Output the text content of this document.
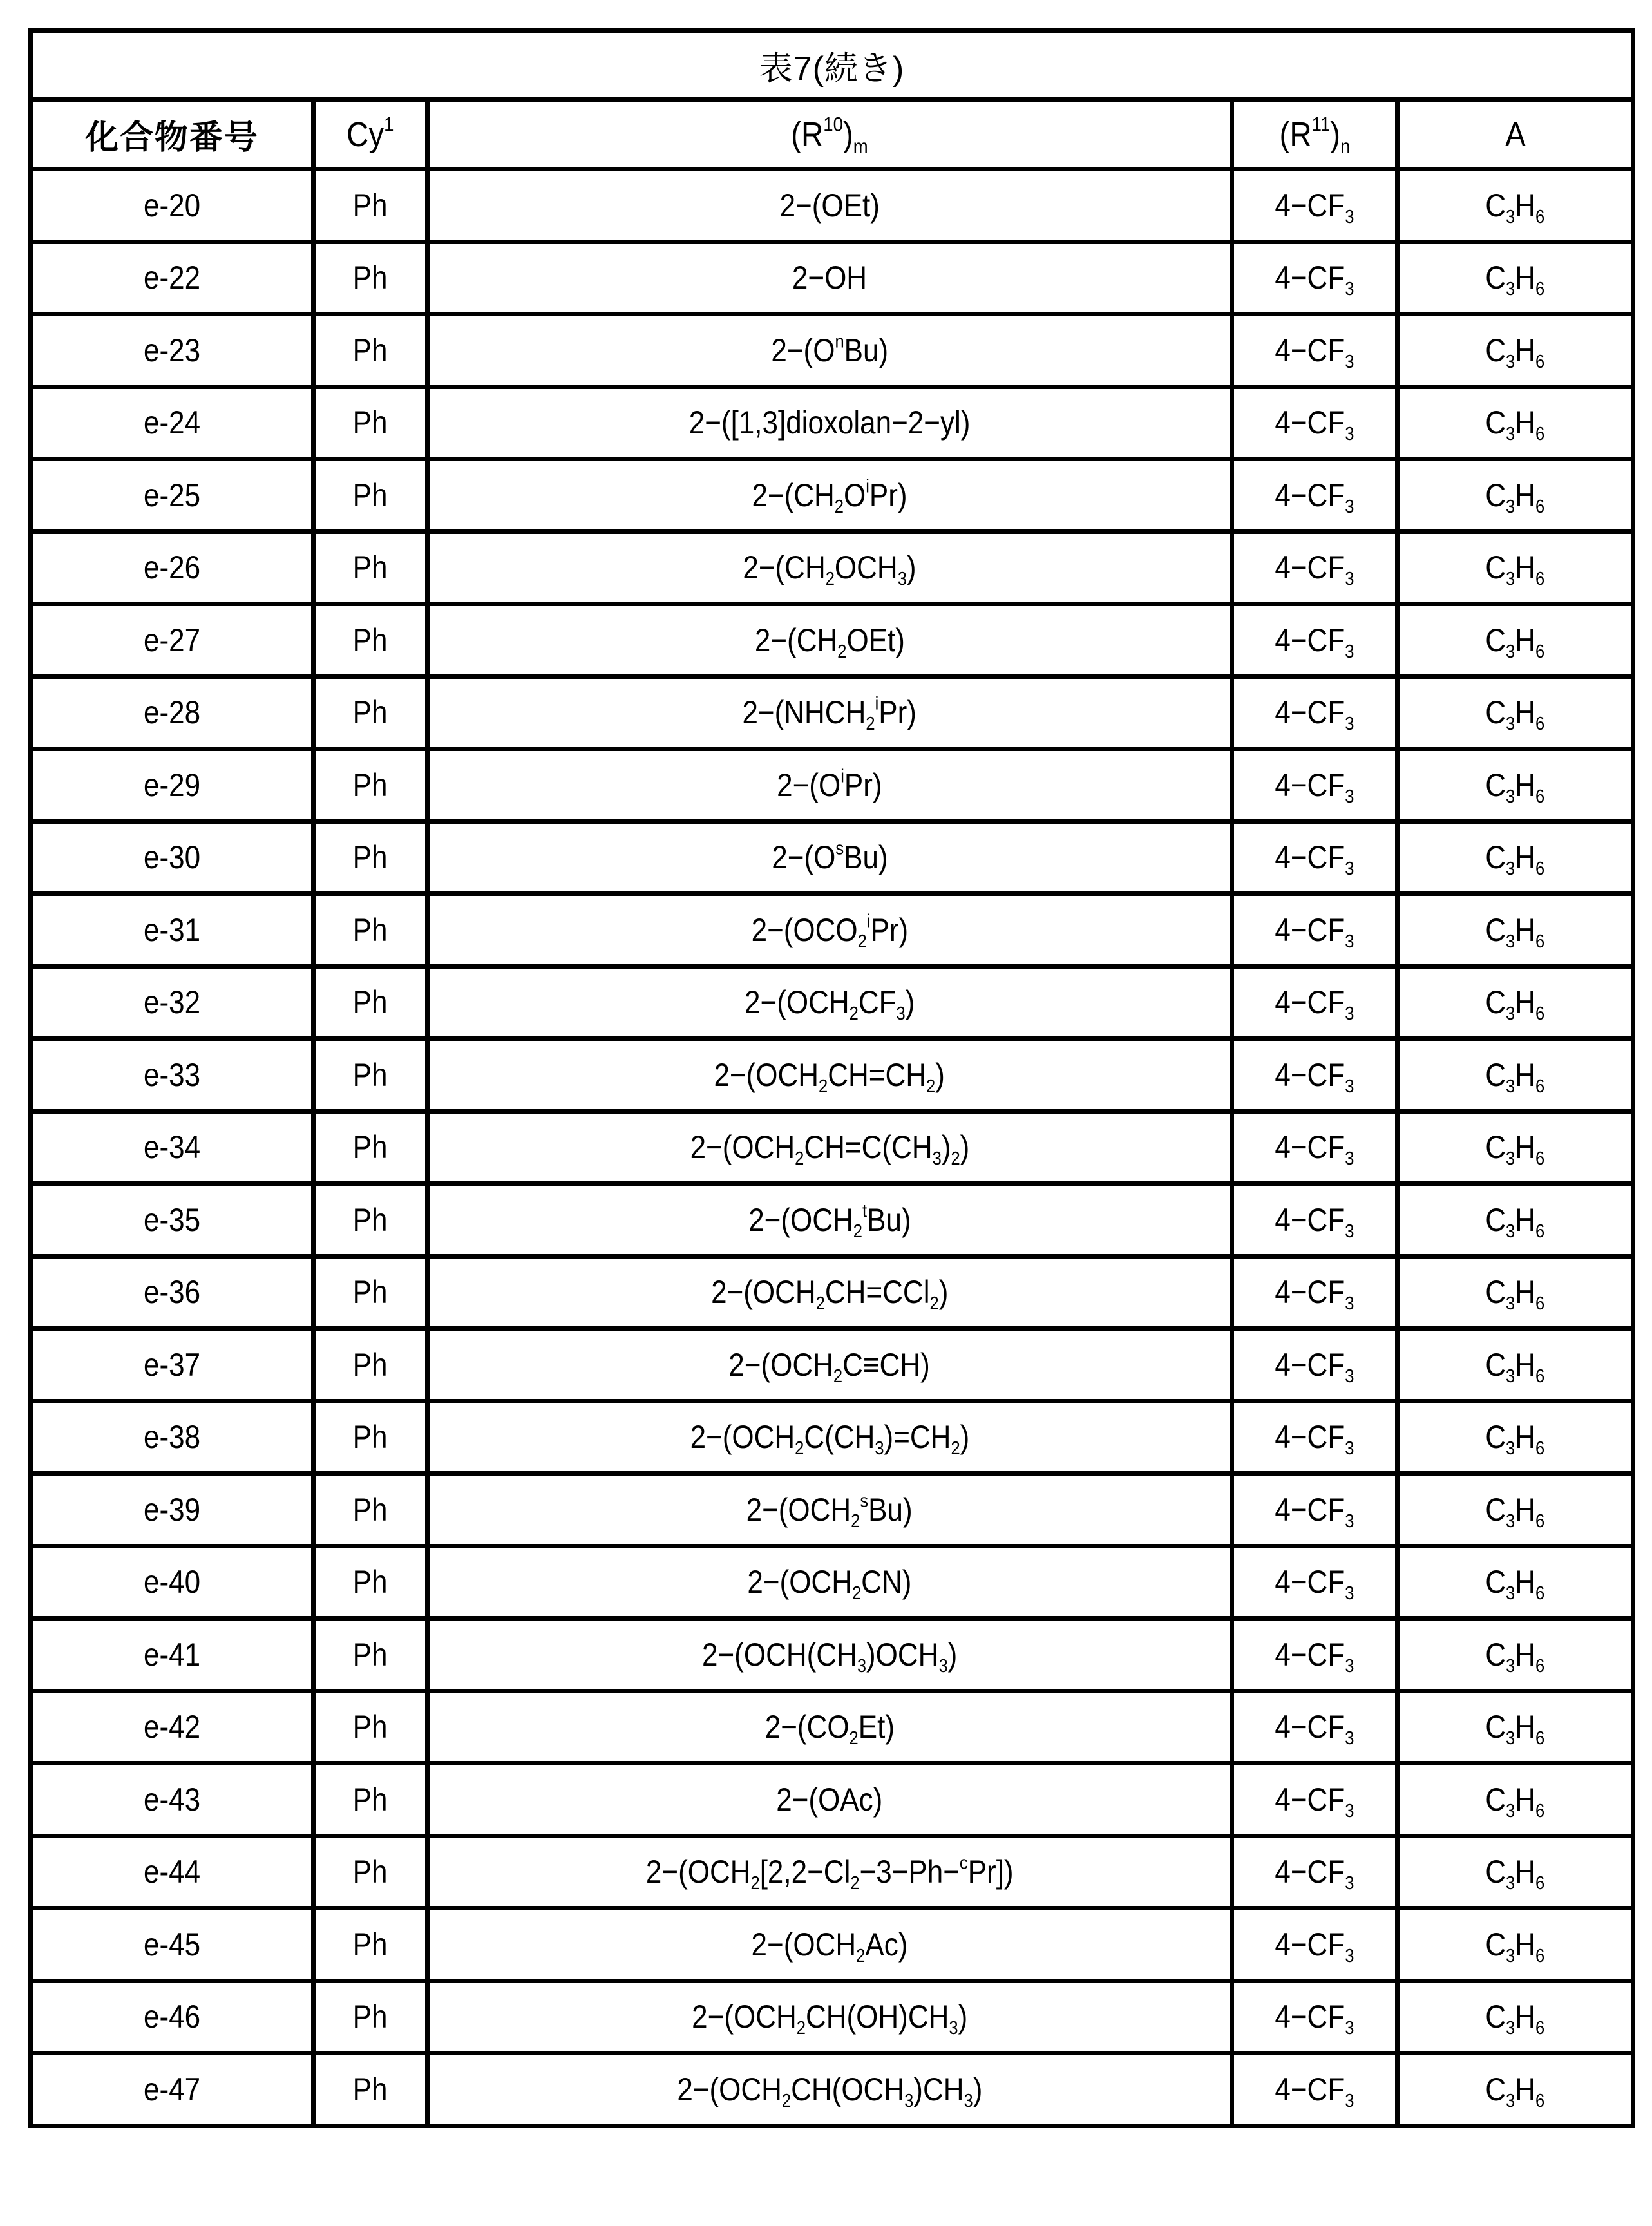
表7(続き)				
化合物番号	Cy$^1$	$(R^{10})_m$	$(R^{11})_n$	A
e-20	Ph	2−(OEt)	$4-CF_3$	$C_3H_6$
e-22	Ph	2−OH	$4-CF_3$	$C_3H_6$
e-23	Ph	$2-(O^nBu)$	$4-CF_3$	$C_3H_6$
e-24	Ph	2−([1,3]dioxolan−2−yl)	$4-CF_3$	$C_3H_6$
e-25	Ph	$2-(CH_2O^iPr)$	$4-CF_3$	$C_3H_6$
e-26	Ph	$2-(CH_2OCH_3)$	$4-CF_3$	$C_3H_6$
e-27	Ph	$2-(CH_2OEt)$	$4-CF_3$	$C_3H_6$
e-28	Ph	$2-(NHCH_2^iPr)$	$4-CF_3$	$C_3H_6$
e-29	Ph	$2-(O^iPr)$	$4-CF_3$	$C_3H_6$
e-30	Ph	$2-(O^sBu)$	$4-CF_3$	$C_3H_6$
e-31	Ph	$2-(OCO_2^iPr)$	$4-CF_3$	$C_3H_6$
e-32	Ph	$2-(OCH_2CF_3)$	$4-CF_3$	$C_3H_6$
e-33	Ph	$2-(OCH_2CH=CH_2)$	$4-CF_3$	$C_3H_6$
e-34	Ph	$2-(OCH_2CH=C(CH_3)_2)$	$4-CF_3$	$C_3H_6$
e-35	Ph	$2-(OCH_2^tBu)$	$4-CF_3$	$C_3H_6$
e-36	Ph	$2-(OCH_2CH=CCl_2)$	$4-CF_3$	$C_3H_6$
e-37	Ph	$2-(OCH_2C\equiv CH)$	$4-CF_3$	$C_3H_6$
e-38	Ph	$2-(OCH_2C(CH_3)=CH_2)$	$4-CF_3$	$C_3H_6$
e-39	Ph	$2-(OCH_2^sBu)$	$4-CF_3$	$C_3H_6$
e-40	Ph	$2-(OCH_2CN)$	$4-CF_3$	$C_3H_6$
e-41	Ph	$2-(OCH(CH_3)OCH_3)$	$4-CF_3$	$C_3H_6$
e-42	Ph	$2-(CO_2Et)$	$4-CF_3$	$C_3H_6$
e-43	Ph	2−(OAc)	$4-CF_3$	$C_3H_6$
e-44	Ph	$2-(OCH_2[2,2-Cl_2-3-Ph-^cPr])$	$4-CF_3$	$C_3H_6$
e-45	Ph	$2-(OCH_2Ac)$	$4-CF_3$	$C_3H_6$
e-46	Ph	$2-(OCH_2CH(OH)CH_3)$	$4-CF_3$	$C_3H_6$
e-47	Ph	$2-(OCH_2CH(OCH_3)CH_3)$	$4-CF_3$	$C_3H_6$
